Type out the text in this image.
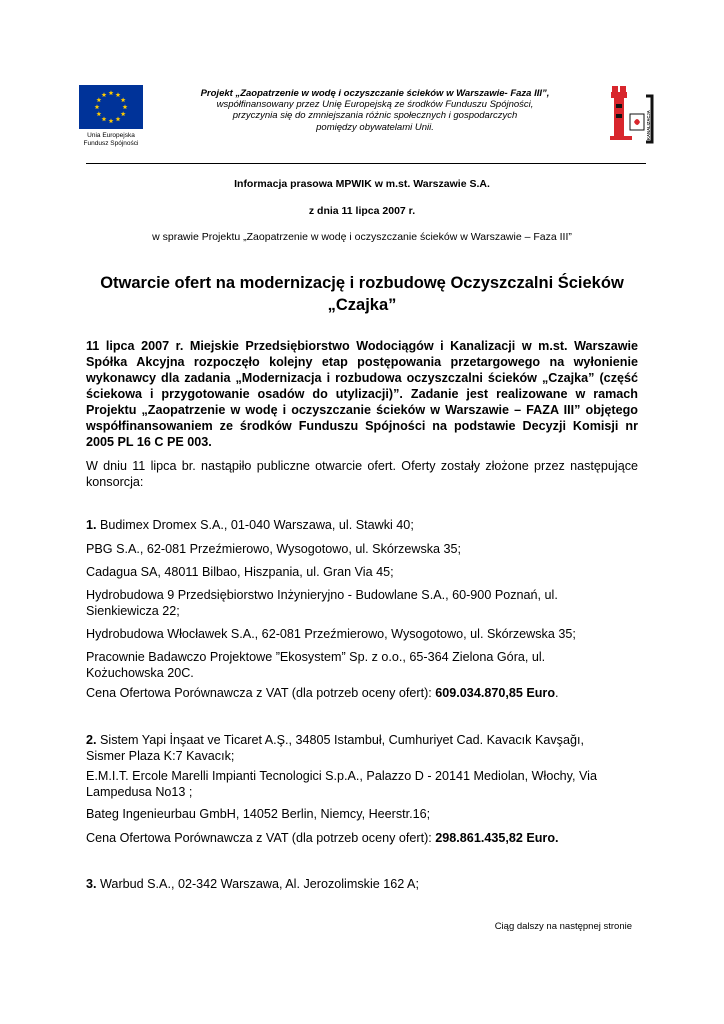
Unia Europejska
Fundusz Spójności
Projekt „Zaopatrzenie w wodę i oczyszczanie ścieków w Warszawie- Faza III”,
współfinansowany przez Unię Europejską ze środków Funduszu Spójności,
przyczynia się do zmniejszania różnic społecznych i gospodarczych
pomiędzy obywatelami Unii.	KANALIZACJA
Informacja prasowa MPWIK w m.st. Warszawie S.A.
z dnia 11 lipca 2007 r.
w sprawie Projektu „Zaopatrzenie w wodę i oczyszczanie ścieków w Warszawie – Faza III”
Otwarcie ofert na modernizację i rozbudowę Oczyszczalni Ścieków
„Czajka”
11 lipca 2007 r. Miejskie Przedsiębiorstwo Wodociągów i Kanalizacji w m.st. Warszawie Spółka Akcyjna rozpoczęło kolejny etap postępowania przetargowego na wyłonienie wykonawcy dla zadania „Modernizacja i rozbudowa oczyszczalni ścieków „Czajka” (część ściekowa i przygotowanie osadów do utylizacji)”. Zadanie jest realizowane w ramach Projektu „Zaopatrzenie w wodę i oczyszczanie ścieków w Warszawie – FAZA III” objętego współfinansowaniem ze środków Funduszu Spójności na podstawie Decyzji Komisji nr 2005 PL 16 C PE 003.
W dniu 11 lipca br. nastąpiło publiczne otwarcie ofert. Oferty zostały złożone przez następujące konsorcja:
1. Budimex Dromex S.A., 01-040 Warszawa, ul. Stawki 40;
PBG S.A., 62-081 Przeźmierowo, Wysogotowo, ul. Skórzewska 35;
Cadagua SA, 48011 Bilbao, Hiszpania, ul. Gran Via 45;
Hydrobudowa 9 Przedsiębiorstwo Inżynieryjno - Budowlane S.A., 60-900 Poznań, ul.
Sienkiewicza 22;
Hydrobudowa Włocławek S.A., 62-081 Przeźmierowo, Wysogotowo, ul. Skórzewska 35;
Pracownie Badawczo Projektowe ”Ekosystem” Sp. z o.o., 65-364 Zielona Góra, ul.
Kożuchowska 20C.
Cena Ofertowa Porównawcza z VAT (dla potrzeb oceny ofert): 609.034.870,85 Euro.
2. Sistem Yapi İnşaat ve Ticaret A.Ş., 34805 Istambuł, Cumhuriyet Cad. Kavacık Kavşağı,
Sismer Plaza K:7 Kavacık;
E.M.I.T. Ercole Marelli Impianti Tecnologici S.p.A., Palazzo D - 20141 Mediolan, Włochy, Via
Lampedusa No13 ;
Bateg Ingenieurbau GmbH, 14052 Berlin, Niemcy, Heerstr.16;
Cena Ofertowa Porównawcza z VAT (dla potrzeb oceny ofert): 298.861.435,82 Euro.
3. Warbud S.A., 02-342 Warszawa, Al. Jerozolimskie 162 A;
Ciąg dalszy na następnej stronie
